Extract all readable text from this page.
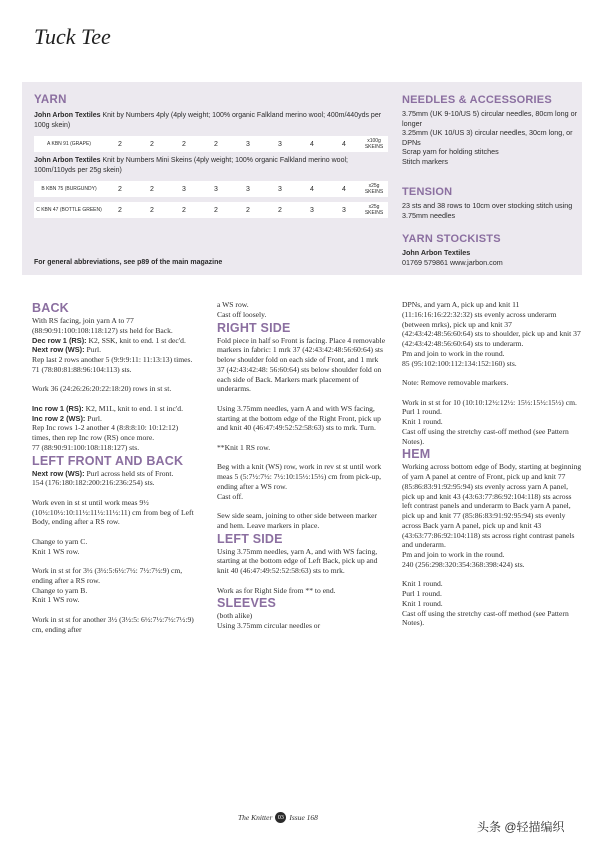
Tuck Tee
YARN
John Arbon Textiles Knit by Numbers 4ply (4ply weight; 100% organic Falkland merino wool; 400m/440yds per 100g skein)
A KBN 91 (GRAPE)	2	2	2	2	3	3	4	4	x100g SKEINS
John Arbon Textiles Knit by Numbers Mini Skeins (4ply weight; 100% organic Falkland merino wool; 100m/110yds per 25g skein)
B KBN 75 (BURGUNDY)	2	2	3	3	3	3	4	4	x25g SKEINS
C KBN 47 (BOTTLE GREEN)	2	2	2	2	2	2	3	3	x25g SKEINS
For general abbreviations, see p89 of the main magazine
NEEDLES & ACCESSORIES
3.75mm (UK 9-10/US 5) circular needles, 80cm long or longer
3.25mm (UK 10/US 3) circular needles, 30cm long, or DPNs
Scrap yarn for holding stitches
Stitch markers
TENSION
23 sts and 38 rows to 10cm over stocking stitch using 3.75mm needles
YARN STOCKISTS
John Arbon Textiles
01769 579861 www.jarbon.com
BACK

With RS facing, join yarn A to 77 (88:90:91:100:108:118:127) sts held for Back.

Dec row 1 (RS): K2, SSK, knit to end. 1 st dec'd.

Next row (WS): Purl.

Rep last 2 rows another 5 (9:9:9:11: 11:13:13) times.

71 (78:80:81:88:96:104:113) sts.

Work 36 (24:26:26:20:22:18:20) rows in st st.

Inc row 1 (RS): K2, M1L, knit to end. 1 st inc'd.

Inc row 2 (WS): Purl.

Rep Inc rows 1-2 another 4 (8:8:8:10: 10:12:12) times, then rep Inc row (RS) once more.

77 (88:90:91:100:108:118:127) sts.

LEFT FRONT AND BACK

Next row (WS): Purl across held sts of Front.

154 (176:180:182:200:216:236:254) sts.

Work even in st st until work meas 9½ (10½:10½:10:11½:11½:11½:11) cm from beg of Left Body, ending after a RS row.

Change to yarn C.

Knit 1 WS row.

Work in st st for 3½ (3½:5:6½:7½: 7½:7½:9) cm, ending after a RS row.

Change to yarn B.

Knit 1 WS row.

Work in st st for another 3½ (3½:5: 6½:7½:7½:7½:9) cm, ending after

a WS row.

Cast off loosely.

RIGHT SIDE

Fold piece in half so Front is facing. Place 4 removable markers in fabric: 1 mrk 37 (42:43:42:48:56:60:64) sts below shoulder fold on each side of Front, and 1 mrk 37 (42:43:42:48: 56:60:64) sts below shoulder fold on each side of Back. Markers mark placement of underarms.

Using 3.75mm needles, yarn A and with WS facing, starting at the bottom edge of the Right Front, pick up and knit 40 (46:47:49:52:52:58:63) sts to mrk. Turn.

**Knit 1 RS row.

Beg with a knit (WS) row, work in rev st st until work meas 5 (5:7½:7½: 7½:10:15½:15½) cm from pick-up, ending after a WS row.

Cast off.

Sew side seam, joining to other side between marker and hem. Leave markers in place.

LEFT SIDE

Using 3.75mm needles, yarn A, and with WS facing, starting at the bottom edge of Left Back, pick up and knit 40 (46:47:49:52:52:58:63) sts to mrk.

Work as for Right Side from ** to end.

SLEEVES

(both alike)

Using 3.75mm circular needles or

DPNs, and yarn A, pick up and knit 11 (11:16:16:16:22:32:32) sts evenly across underarm (between mrks), pick up and knit 37 (42:43:42:48:56:60:64) sts to shoulder, pick up and knit 37 (42:43:42:48:56:60:64) sts to underarm.

Pm and join to work in the round.

85 (95:102:100:112:134:152:160) sts.

Note: Remove removable markers.

Work in st st for 10 (10:10:12½:12½: 15½:15½:15½) cm.

Purl 1 round.

Knit 1 round.

Cast off using the stretchy cast-off method (see Pattern Notes).

HEM

Working across bottom edge of Body, starting at beginning of yarn A panel at centre of Front, pick up and knit 77 (85:86:83:91:92:95:94) sts evenly across yarn A panel, pick up and knit 43 (43:63:77:86:92:104:118) sts across left contrast panels and underarm to Back yarn A panel, pick up and knit 77 (85:86:83:91:92:95:94) sts evenly across Back yarn A panel, pick up and knit 43 (43:63:77:86:92:104:118) sts across right contrast panels and underarm.

Pm and join to work in the round.

240 (256:298:320:354:368:398:424) sts.

Knit 1 round.

Purl 1 round.

Knit 1 round.

Cast off using the stretchy cast-off method (see Pattern Notes).

The Knitter 03 Issue 168
头条 @轻描编织
